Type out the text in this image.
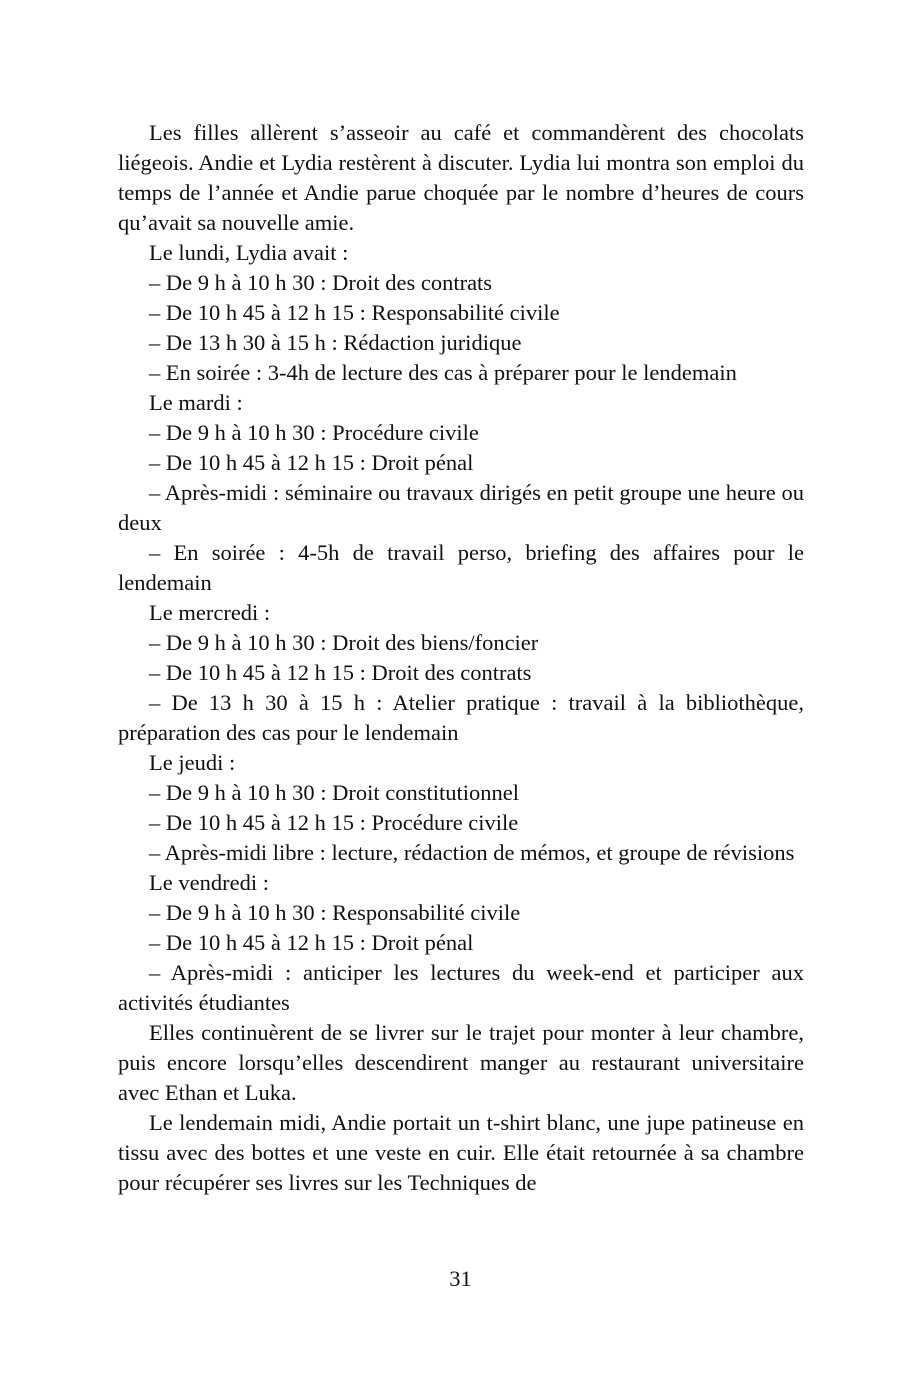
Les filles allèrent s’asseoir au café et commandèrent des chocolats liégeois. Andie et Lydia restèrent à discuter. Lydia lui montra son emploi du temps de l’année et Andie parue choquée par le nombre d’heures de cours qu’avait sa nouvelle amie.

Le lundi, Lydia avait :

– De 9 h à 10 h 30 : Droit des contrats

– De 10 h 45 à 12 h 15 : Responsabilité civile

– De 13 h 30 à 15 h : Rédaction juridique

– En soirée : 3-4h de lecture des cas à préparer pour le lendemain

Le mardi :

– De 9 h à 10 h 30 : Procédure civile

– De 10 h 45 à 12 h 15 : Droit pénal

– Après-midi : séminaire ou travaux dirigés en petit groupe une heure ou deux

– En soirée : 4-5h de travail perso, briefing des affaires pour le lendemain

Le mercredi :

– De 9 h à 10 h 30 : Droit des biens/foncier

– De 10 h 45 à 12 h 15 : Droit des contrats

– De 13 h 30 à 15 h : Atelier pratique : travail à la bibliothèque, préparation des cas pour le lendemain

Le jeudi :

– De 9 h à 10 h 30 : Droit constitutionnel

– De 10 h 45 à 12 h 15 : Procédure civile

– Après-midi libre : lecture, rédaction de mémos, et groupe de révisions

Le vendredi :

– De 9 h à 10 h 30 : Responsabilité civile

– De 10 h 45 à 12 h 15 : Droit pénal

– Après-midi : anticiper les lectures du week-end et participer aux activités étudiantes

Elles continuèrent de se livrer sur le trajet pour monter à leur chambre, puis encore lorsqu’elles descendirent manger au restaurant universitaire avec Ethan et Luka.

Le lendemain midi, Andie portait un t-shirt blanc, une jupe patineuse en tissu avec des bottes et une veste en cuir. Elle était retournée à sa chambre pour récupérer ses livres sur les Techniques de

31
